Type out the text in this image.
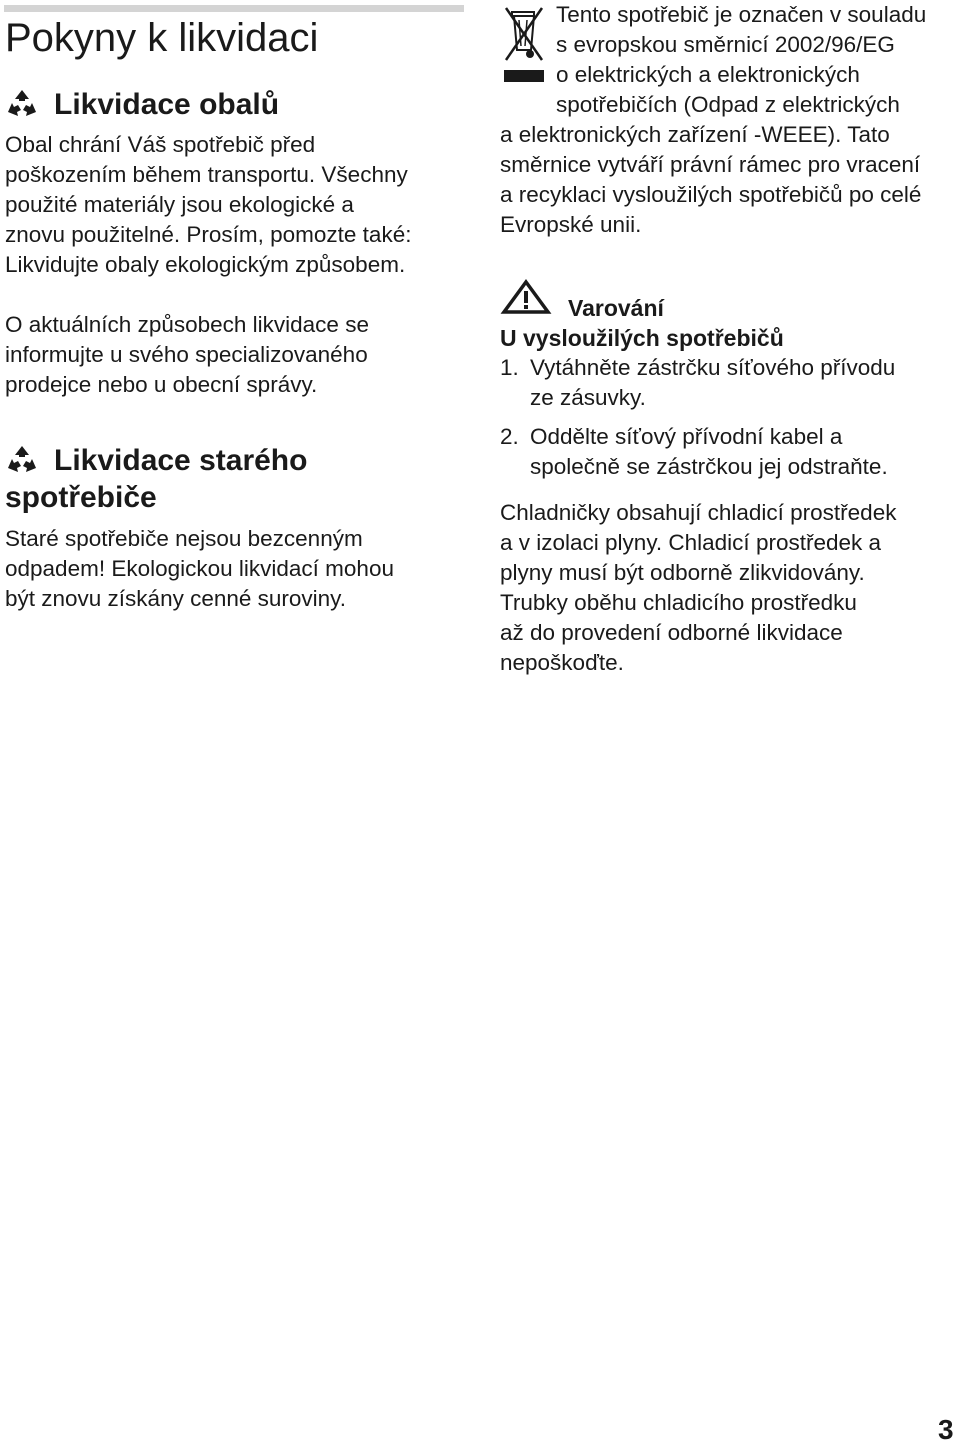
Pokyny k likvidaci
Likvidace obalů

Obal chrání Váš spotřebič před
poškozením během transportu. Všechny
použité materiály jsou ekologické a
znovu použitelné. Prosím, pomozte také:
Likvidujte obaly ekologickým způsobem.

O aktuálních způsobech likvidace se
informujte u svého specializovaného
prodejce nebo u obecní správy.

Likvidace starého
spotřebiče

Staré spotřebiče nejsou bezcenným
odpadem! Ekologickou likvidací mohou
být znovu získány cenné suroviny.

Tento spotřebič je označen v souladu
s evropskou směrnicí 2002/96/EG
o elektrických a elektronických
spotřebičích (Odpad z elektrických
a elektronických zařízení -WEEE). Tato
směrnice vytváří právní rámec pro vracení
a recyklaci vysloužilých spotřebičů po celé
Evropské unii.

Varování

U vysloužilých spotřebičů

1. Vytáhněte zástrčku síťového přívodu
ze zásuvky.

2. Oddělte síťový přívodní kabel a
společně se zástrčkou jej odstraňte.

Chladničky obsahují chladicí prostředek
a v izolaci plyny. Chladicí prostředek a
plyny musí být odborně zlikvidovány.
Trubky oběhu chladicího prostředku
až do provedení odborné likvidace
nepoškoďte.

3
